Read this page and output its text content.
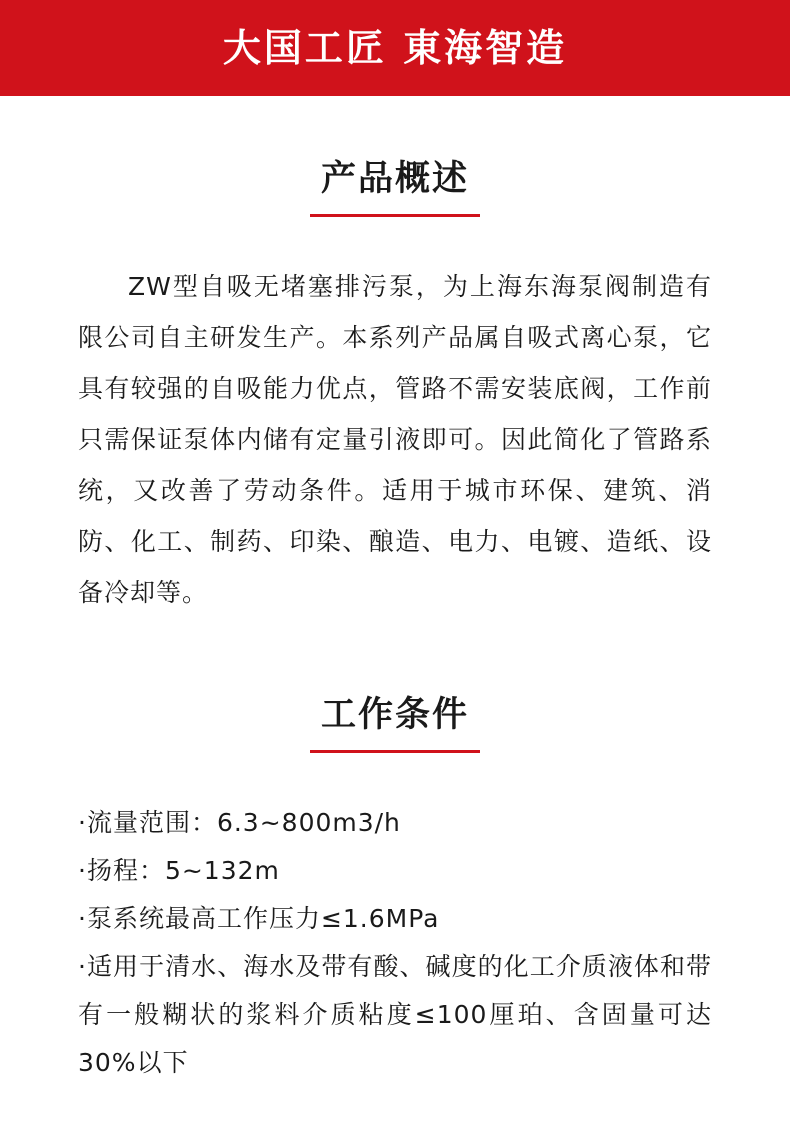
大国工匠 東海智造
产品概述

ZW型自吸无堵塞排污泵，为上海东海泵阀制造有限公司自主研发生产。本系列产品属自吸式离心泵，它具有较强的自吸能力优点，管路不需安装底阀，工作前只需保证泵体内储有定量引液即可。因此简化了管路系统，又改善了劳动条件。适用于城市环保、建筑、消防、化工、制药、印染、酿造、电力、电镀、造纸、设备冷却等。

工作条件
·流量范围：6.3~800m3/h
·扬程：5~132m
·泵系统最高工作压力≤1.6MPa
·适用于清水、海水及带有酸、碱度的化工介质液体和带有一般糊状的浆料介质粘度≤100厘珀、含固量可达30%以下
